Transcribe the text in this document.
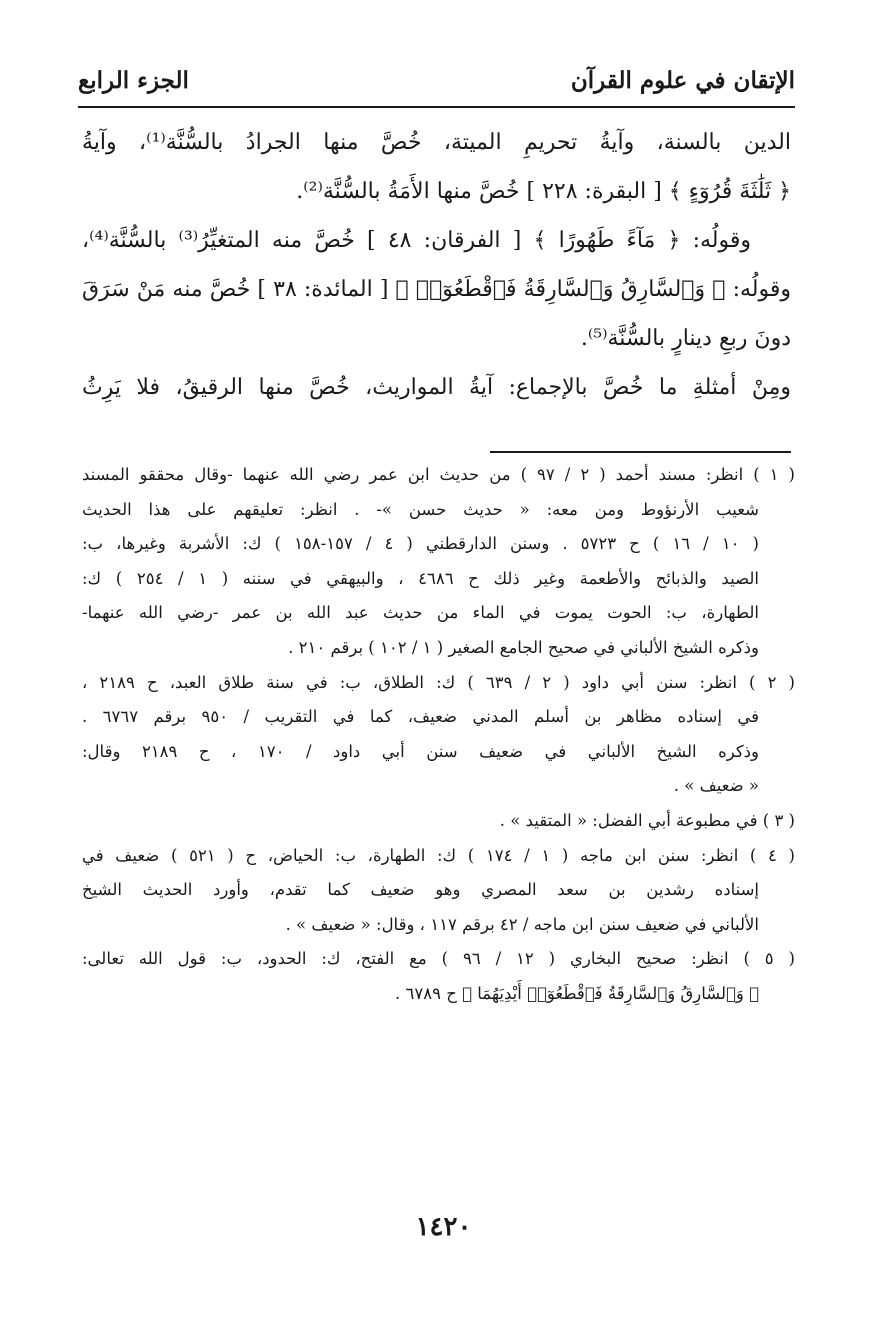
الإتقان في علوم القرآن
الجزء الرابع
الدين بالسنة، وآيةُ تحريمِ الميتة، خُصَّ منها الجرادُ بالسُّنَّة⁽¹⁾، وآيةُ
﴿ ثَلَٰثَةَ قُرُوٓءٍ ﴾ [ البقرة: ٢٢٨ ] خُصَّ منها الأَمَةُ بالسُّنَّة⁽²⁾.
وقولُه: ﴿ مَآءً طَهُورًا ﴾ [ الفرقان: ٤٨ ] خُصَّ منه المتغيِّرُ⁽³⁾ بالسُّنَّة⁽⁴⁾،
وقولُه: ﴿ وَٱلسَّارِقُ وَٱلسَّارِقَةُ فَٱقْطَعُوٓا۟ ﴾ [ المائدة: ٣٨ ] خُصَّ منه مَنْ سَرَقَ
دونَ ربعِ دينارٍ بالسُّنَّة⁽⁵⁾.
ومِنْ أمثلةِ ما خُصَّ بالإجماع: آيةُ المواريث، خُصَّ منها الرقيقُ، فلا يَرِثُ
( ١ ) انظر: مسند أحمد ( ٢ / ٩٧ ) من حديث ابن عمر رضي الله عنهما -وقال محققو المسند
شعيب الأرنؤوط ومن معه: « حديث حسن »- . انظر: تعليقهم على هذا الحديث
( ١٠ / ١٦ ) ح ٥٧٢٣ . وسنن الدارقطني ( ٤ / ١٥٧-١٥٨ ) ك: الأشربة وغيرها، ب:
الصيد والذبائح والأطعمة وغير ذلك ح ٤٦٨٦ ، والبيهقي في سننه ( ١ / ٢٥٤ ) ك:
الطهارة، ب: الحوت يموت في الماء من حديث عبد الله بن عمر -رضي الله عنهما-
وذكره الشيخ الألباني في صحيح الجامع الصغير ( ١ / ١٠٢ ) برقم ٢١٠ .
( ٢ ) انظر: سنن أبي داود ( ٢ / ٦٣٩ ) ك: الطلاق، ب: في سنة طلاق العبد، ح ٢١٨٩ ،
في إسناده مظاهر بن أسلم المدني ضعيف، كما في التقريب / ٩٥٠ برقم ٦٧٦٧ .
وذكره الشيخ الألباني في ضعيف سنن أبي داود / ١٧٠ ، ح ٢١٨٩ وقال:
« ضعيف » .
( ٣ ) في مطبوعة أبي الفضل: « المتقيد » .
( ٤ ) انظر: سنن ابن ماجه ( ١ / ١٧٤ ) ك: الطهارة، ب: الحياض، ح ( ٥٢١ ) ضعيف في
إسناده رشدين بن سعد المصري وهو ضعيف كما تقدم، وأورد الحديث الشيخ
الألباني في ضعيف سنن ابن ماجه / ٤٢ برقم ١١٧ ، وقال: « ضعيف » .
( ٥ ) انظر: صحيح البخاري ( ١٢ / ٩٦ ) مع الفتح، ك: الحدود، ب: قول الله تعالى:
﴿ وَٱلسَّارِقُ وَٱلسَّارِقَةُ فَٱقْطَعُوٓا۟ أَيْدِيَهُمَا ﴾ ح ٦٧٨٩ .
١٤٢٠
